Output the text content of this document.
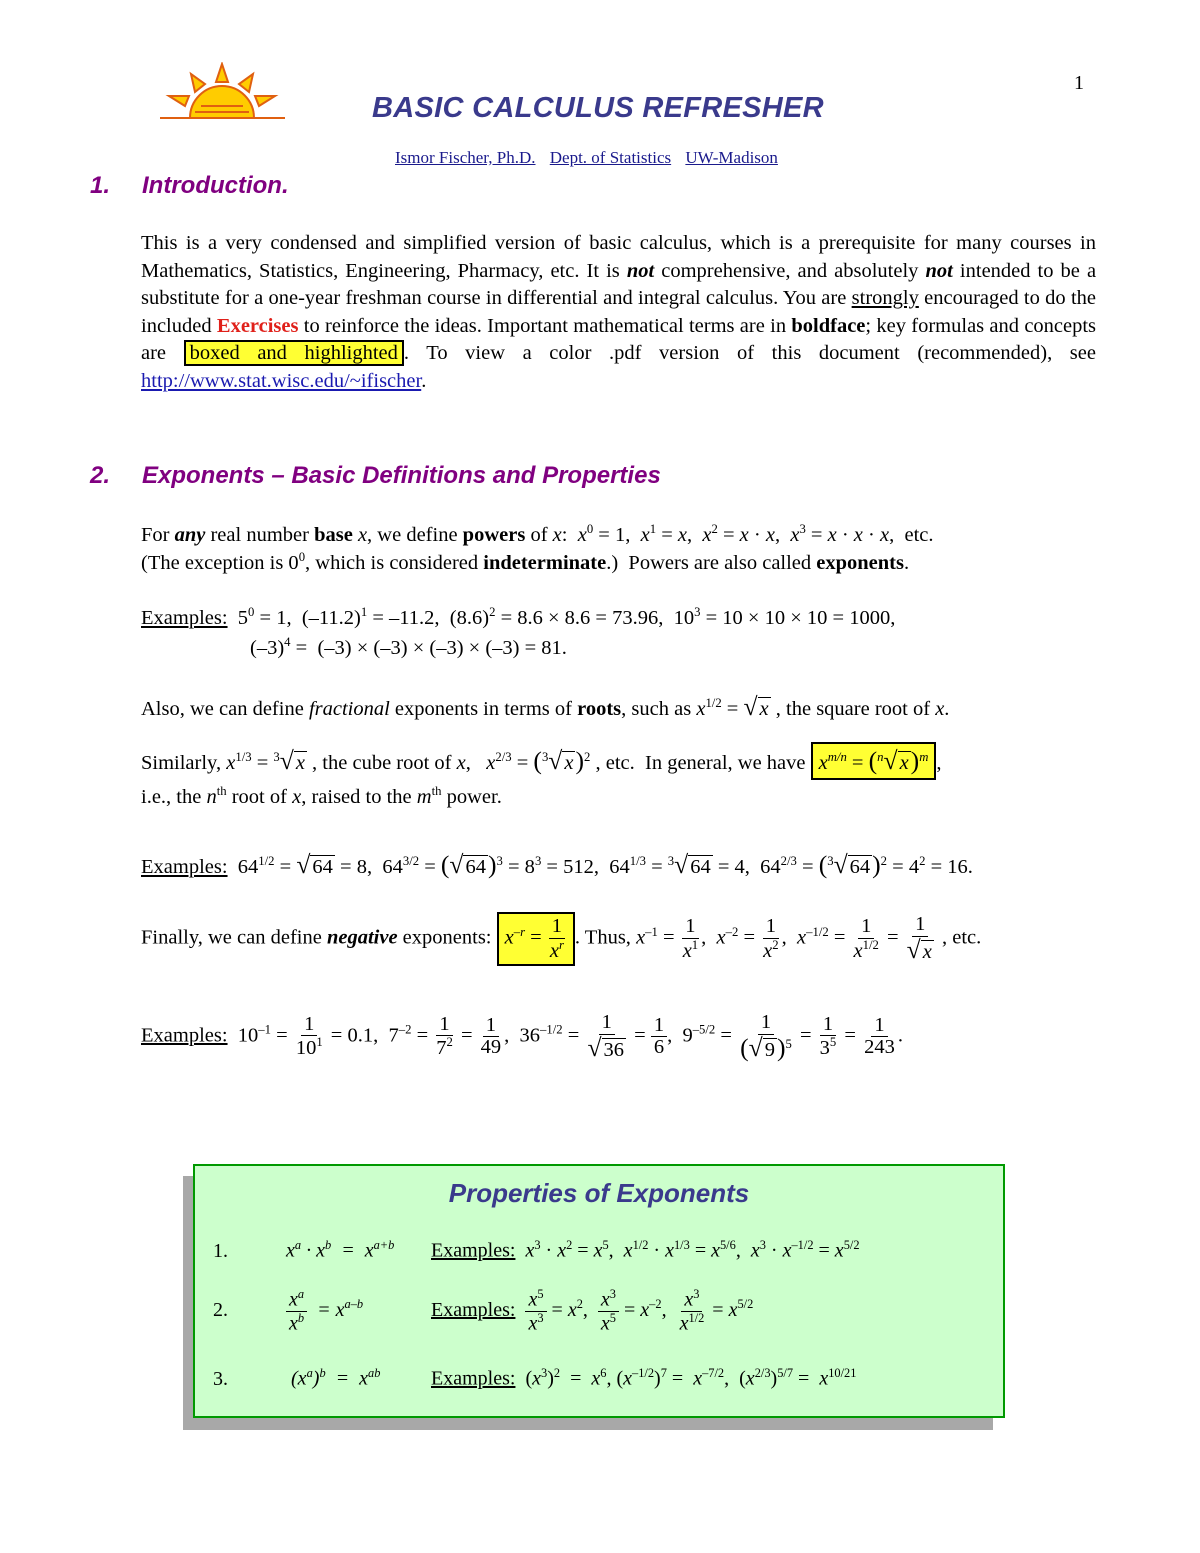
1
BASIC CALCULUS REFRESHER
Ismor Fischer, Ph.D. Dept. of Statistics UW-Madison
1. Introduction.
This is a very condensed and simplified version of basic calculus, which is a prerequisite for many courses in Mathematics, Statistics, Engineering, Pharmacy, etc. It is not comprehensive, and absolutely not intended to be a substitute for a one-year freshman course in differential and integral calculus. You are strongly encouraged to do the included Exercises to reinforce the ideas. Important mathematical terms are in boldface; key formulas and concepts are boxed and highlighted . To view a color .pdf version of this document (recommended), see http://www.stat.wisc.edu/~ifischer.
2. Exponents – Basic Definitions and Properties
For any real number base x, we define powers of x:  $x^0 = 1$,  $x^1 = x$,  $x^2 = x \cdot x$,  $x^3 = x \cdot x \cdot x$,  etc.
(The exception is $0^0$, which is considered indeterminate.)  Powers are also called exponents.
Examples:  $5^0 = 1$,  $(-11.2)^1 = -11.2$,  $(8.6)^2 = 8.6 \times 8.6 = 73.96$,  $10^3 = 10 \times 10 \times 10 = 1000$,
$(-3)^4 = (-3) \times (-3) \times (-3) \times (-3) = 81$.
Also, we can define fractional exponents in terms of roots, such as $x^{1/2} = √x$ , the square root of x.
Similarly, $x^{1/3} = ^3√x$ , the cube root of x,   $x^{2/3} = (^3√x)^2$ , etc.  In general, we have $x^{m/n} = (^n√x)^m$ ,
i.e., the $n^{th}$ root of x, raised to the $m^{th}$ power.
Examples:  $64^{1/2} = √64 = 8$,  $64^{3/2} = (√64)^3 = 8^3 = 512$,  $64^{1/3} = ^3√64 = 4$,  $64^{2/3} = (^3√64)^2 = 4^2 = 16$.
Finally, we can define negative exponents: $x^{-r} = \frac{1}{x^r}$ . Thus, $x^{-1} = \frac{1}{x^1}$ ,  $x^{-2} = \frac{1}{x^2}$ ,  $x^{-1/2} = \frac{1}{x^{1/2}} = \frac{1}{√x}$ , etc.
Examples:  $10^{-1} = \frac{1}{10^1} = 0.1$,  $7^{-2} = \frac{1}{7^2} = \frac{1}{49}$ ,  $36^{-1/2} = \frac{1}{√36} = \frac{1}{6}$ ,  $9^{-5/2} = \frac{1}{(√9)^5} = \frac{1}{3^5} = \frac{1}{243}$ .
Properties of Exponents
1.	$x^a \cdot x^b = x^{a+b}$ Examples: $x^3 \cdot x^2 = x^5$,  $x^{1/2} \cdot x^{1/3} = x^{5/6}$,  $x^3 \cdot x^{-1/2} = x^{5/2}$
2.	$\frac{x^a}{x^b} = x^{a-b}$	Examples: $\frac{x^5}{x^3} = x^2$, $\frac{x^3}{x^5} = x^{-2}$, $\frac{x^3}{x^{1/2}} = x^{5/2}$
3.	$(x^a)^b = x^{ab}$	Examples:  $(x^3)^2 = x^6$, $(x^{-1/2})^7 = x^{-7/2}$,  $(x^{2/3})^{5/7} = x^{10/21}$
